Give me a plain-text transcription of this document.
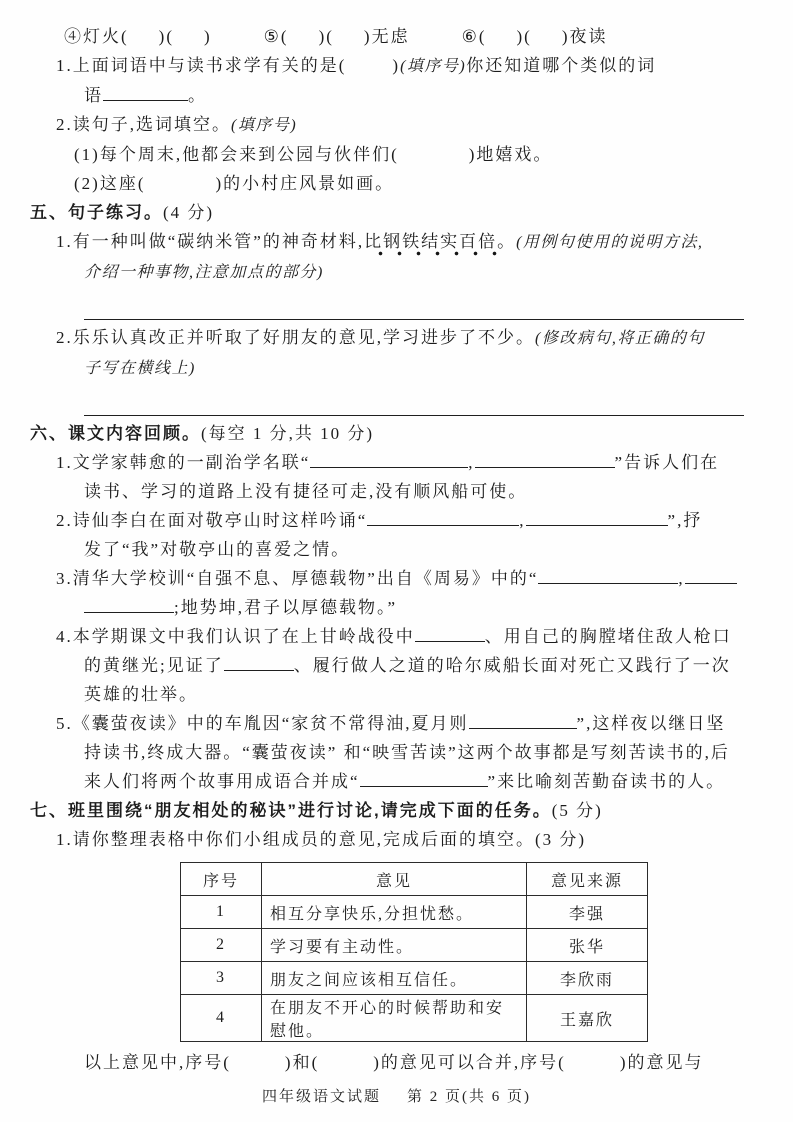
④灯火( )( )	⑤( )( )无虑	⑥( )( )夜读
1.上面词语中与读书求学有关的是(	)(填序号)你还知道哪个类似的词
语	。
2.读句子,选词填空。(填序号)
(1)每个周末,他都会来到公园与伙伴们(	)地嬉戏。
(2)这座(	)的小村庄风景如画。
五、句子练习。(4 分)
1.有一种叫做“碳纳米管”的神奇材料,比钢铁结实百倍。(用例句使用的说明方法,
介绍一种事物,注意加点的部分)
2.乐乐认真改正并听取了好朋友的意见,学习进步了不少。(修改病句,将正确的句
子写在横线上)
六、课文内容回顾。(每空 1 分,共 10 分)
1.文学家韩愈的一副治学名联“	,	”告诉人们在
读书、学习的道路上没有捷径可走,没有顺风船可使。
2.诗仙李白在面对敬亭山时这样吟诵“	,	”,抒
发了“我”对敬亭山的喜爱之情。
3.清华大学校训“自强不息、厚德载物”出自《周易》中的“	,
;地势坤,君子以厚德载物。”
4.本学期课文中我们认识了在上甘岭战役中	、用自己的胸膛堵住敌人枪口
的黄继光;见证了	、履行做人之道的哈尔威船长面对死亡又践行了一次
英雄的壮举。
5.《囊萤夜读》中的车胤因“家贫不常得油,夏月则	”,这样夜以继日坚
持读书,终成大器。“囊萤夜读” 和“映雪苦读”这两个故事都是写刻苦读书的,后
来人们将两个故事用成语合并成“	”来比喻刻苦勤奋读书的人。
七、班里围绕“朋友相处的秘诀”进行讨论,请完成下面的任务。(5 分)
1.请你整理表格中你们小组成员的意见,完成后面的填空。(3 分)
序号	意见	意见来源
1	相互分享快乐,分担忧愁。	李强
2	学习要有主动性。	张华
3	朋友之间应该相互信任。	李欣雨
4	在朋友不开心的时候帮助和安慰他。	王嘉欣
以上意见中,序号(	)和(	)的意见可以合并,序号(	)的意见与
四年级语文试题 第 2 页(共 6 页)
